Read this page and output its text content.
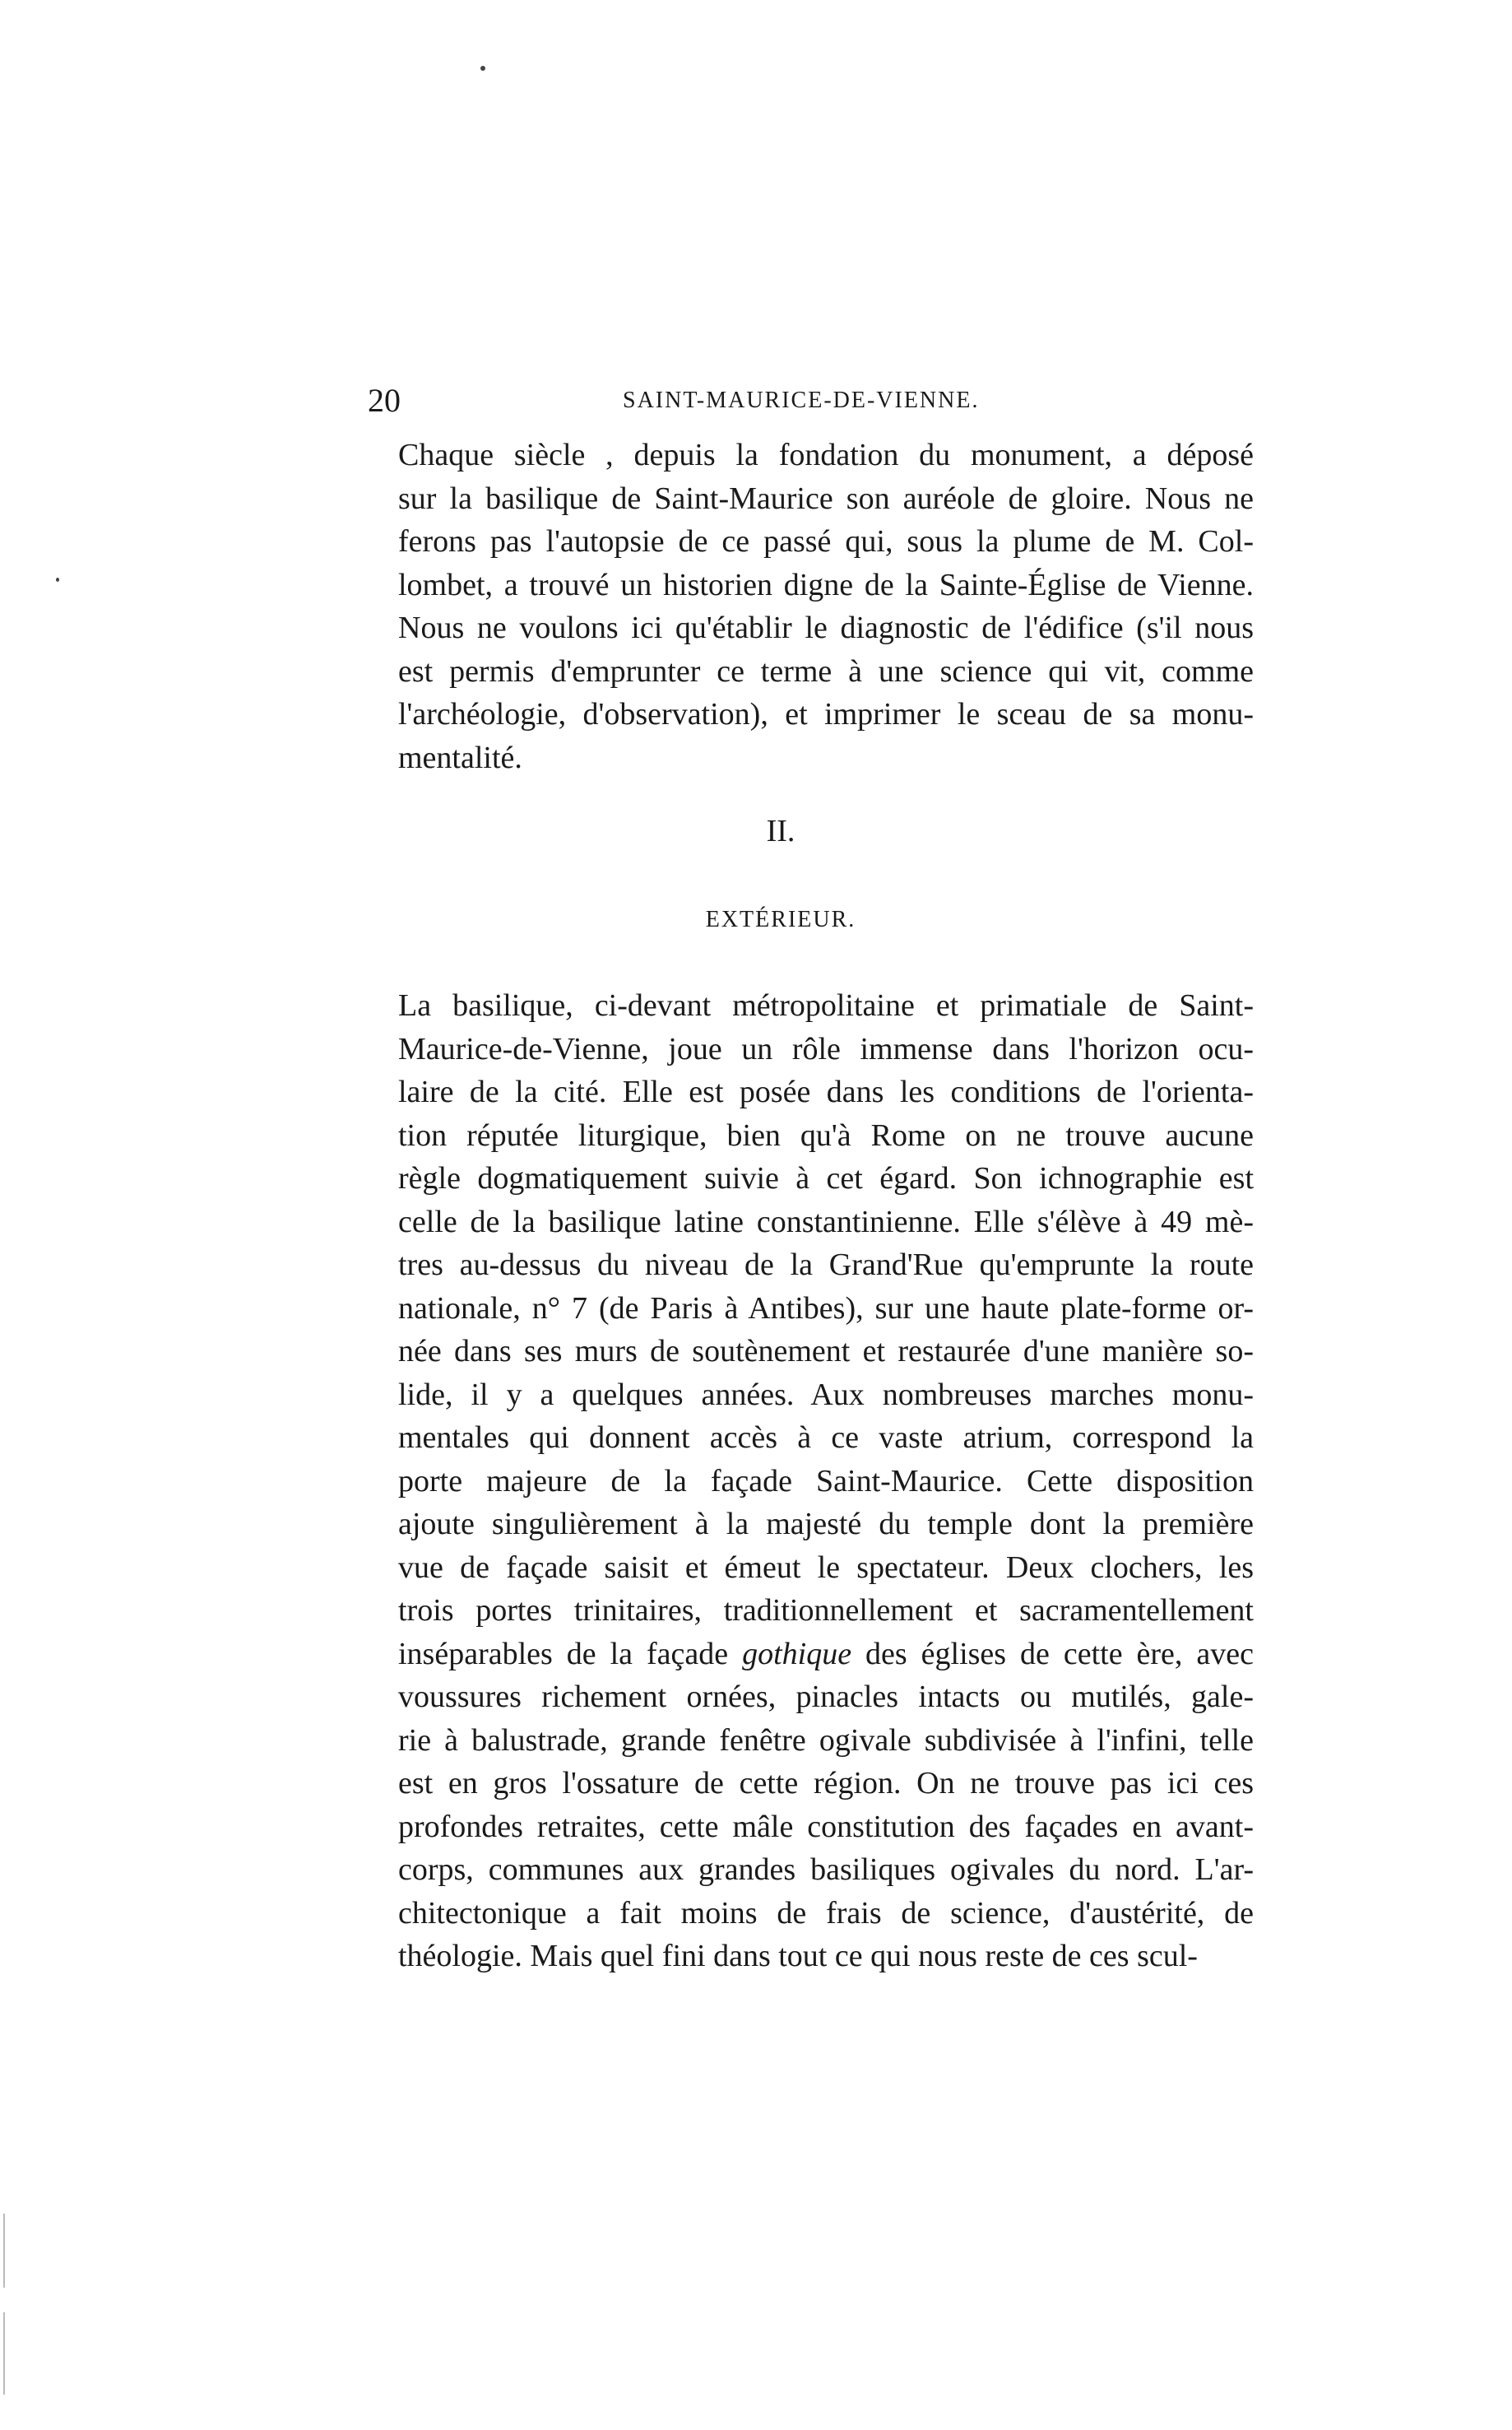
20	SAINT-MAURICE-DE-VIENNE.
Chaque siècle , depuis la fondation du monument, a déposé
sur la basilique de Saint-Maurice son auréole de gloire. Nous ne
ferons pas l'autopsie de ce passé qui, sous la plume de M. Col-
lombet, a trouvé un historien digne de la Sainte-Église de Vienne.
Nous ne voulons ici qu'établir le diagnostic de l'édifice (s'il nous
est permis d'emprunter ce terme à une science qui vit, comme
l'archéologie, d'observation), et imprimer le sceau de sa monu-
mentalité.
II.
EXTÉRIEUR.
La basilique, ci-devant métropolitaine et primatiale de Saint-
Maurice-de-Vienne, joue un rôle immense dans l'horizon ocu-
laire de la cité. Elle est posée dans les conditions de l'orienta-
tion réputée liturgique, bien qu'à Rome on ne trouve aucune
règle dogmatiquement suivie à cet égard. Son ichnographie est
celle de la basilique latine constantinienne. Elle s'élève à 49 mè-
tres au-dessus du niveau de la Grand'Rue qu'emprunte la route
nationale, n° 7 (de Paris à Antibes), sur une haute plate-forme or-
née dans ses murs de soutènement et restaurée d'une manière so-
lide, il y a quelques années. Aux nombreuses marches monu-
mentales qui donnent accès à ce vaste atrium, correspond la
porte majeure de la façade Saint-Maurice. Cette disposition
ajoute singulièrement à la majesté du temple dont la première
vue de façade saisit et émeut le spectateur. Deux clochers, les
trois portes trinitaires, traditionnellement et sacramentellement
inséparables de la façade gothique des églises de cette ère, avec
voussures richement ornées, pinacles intacts ou mutilés, gale-
rie à balustrade, grande fenêtre ogivale subdivisée à l'infini, telle
est en gros l'ossature de cette région. On ne trouve pas ici ces
profondes retraites, cette mâle constitution des façades en avant-
corps, communes aux grandes basiliques ogivales du nord. L'ar-
chitectonique a fait moins de frais de science, d'austérité, de
théologie. Mais quel fini dans tout ce qui nous reste de ces scul-
